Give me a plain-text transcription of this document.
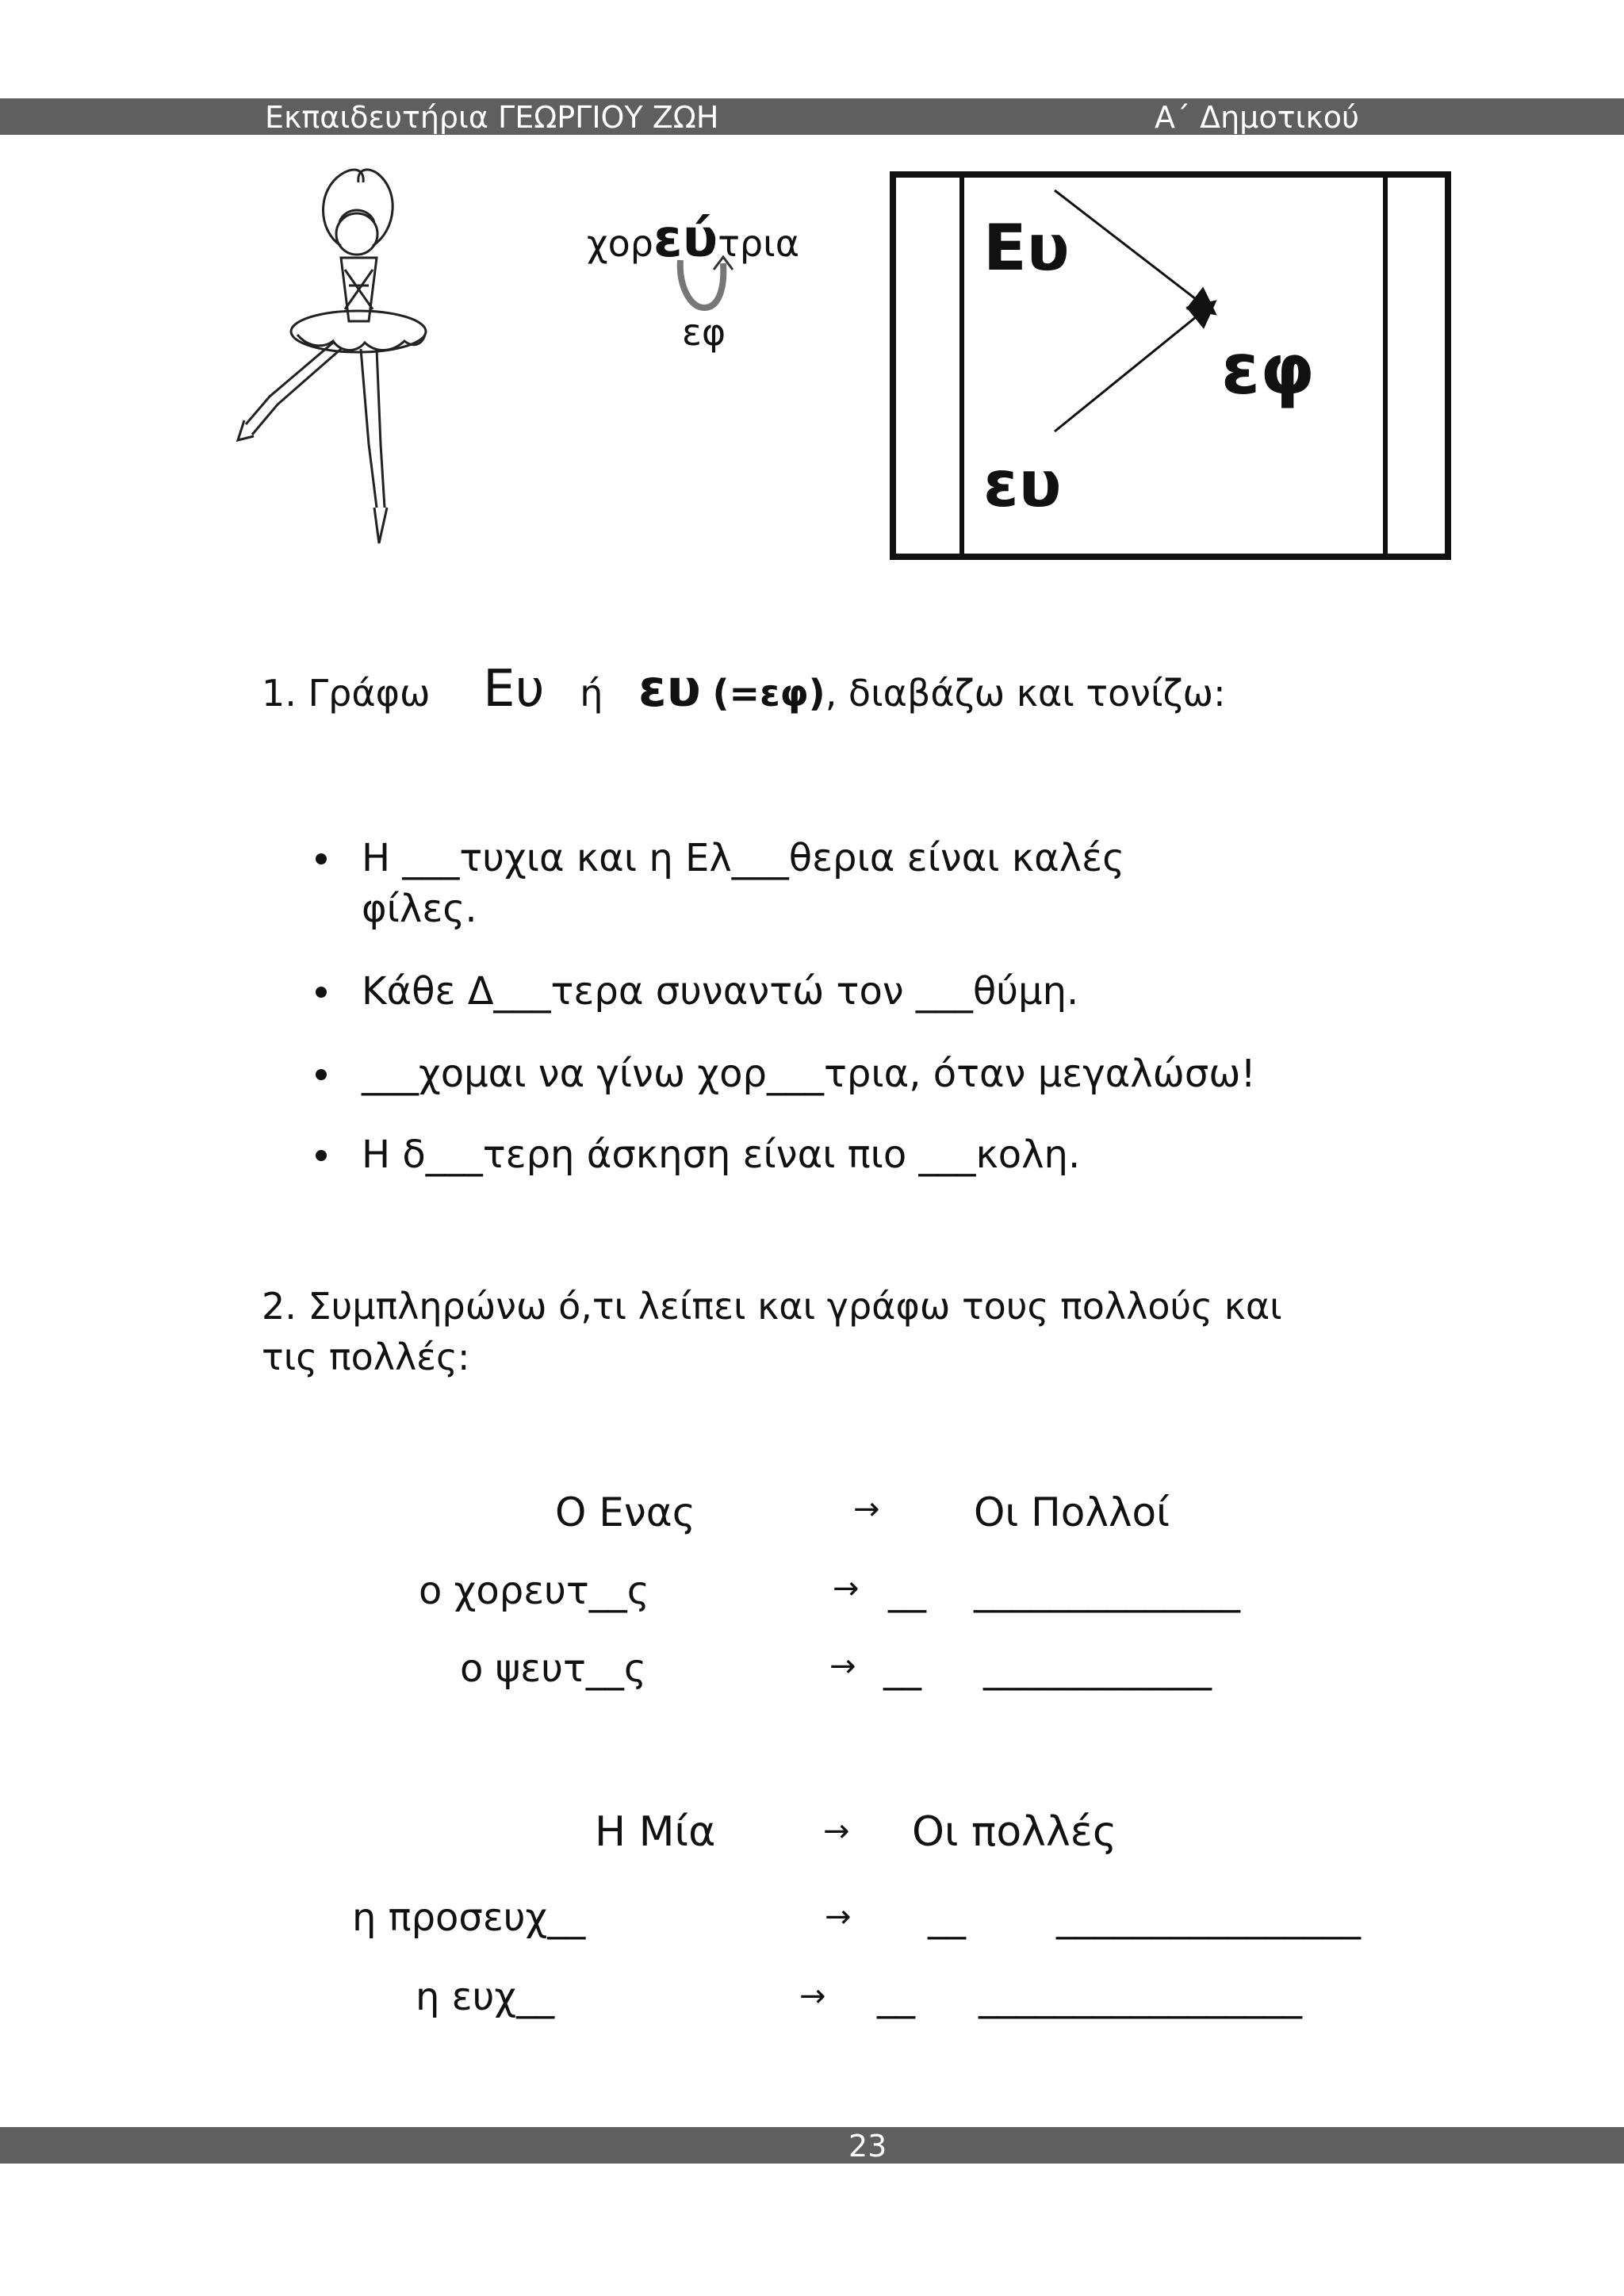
Εκπαιδευτήρια ΓΕΩΡΓΙΟΥ ΖΩΗ	Α΄ Δημοτικού
χορεύτρια
εφ
Ευ
ευ
εφ
1. Γράφω Ευ ή ευ (=εφ), διαβάζω και τονίζω:
Η ___τυχια και η Ελ___θερια είναι καλές
φίλες.
Κάθε Δ___τερα συναντώ τον ___θύμη.
___χομαι να γίνω χορ___τρια, όταν μεγαλώσω!
Η δ___τερη άσκηση είναι πιο ___κολη.
2. Συμπληρώνω ό,τι λείπει και γράφω τους πολλούς και
τις πολλές:
Ο Ενας	→ Οι Πολλοί
ο χορευτ__ς	→ __ ______________
ο ψευτ__ς	→ __ ____________
Η Μία	→ Οι πολλές
η προσευχ__	→ __ ________________
η ευχ__	→ __ _________________
23
